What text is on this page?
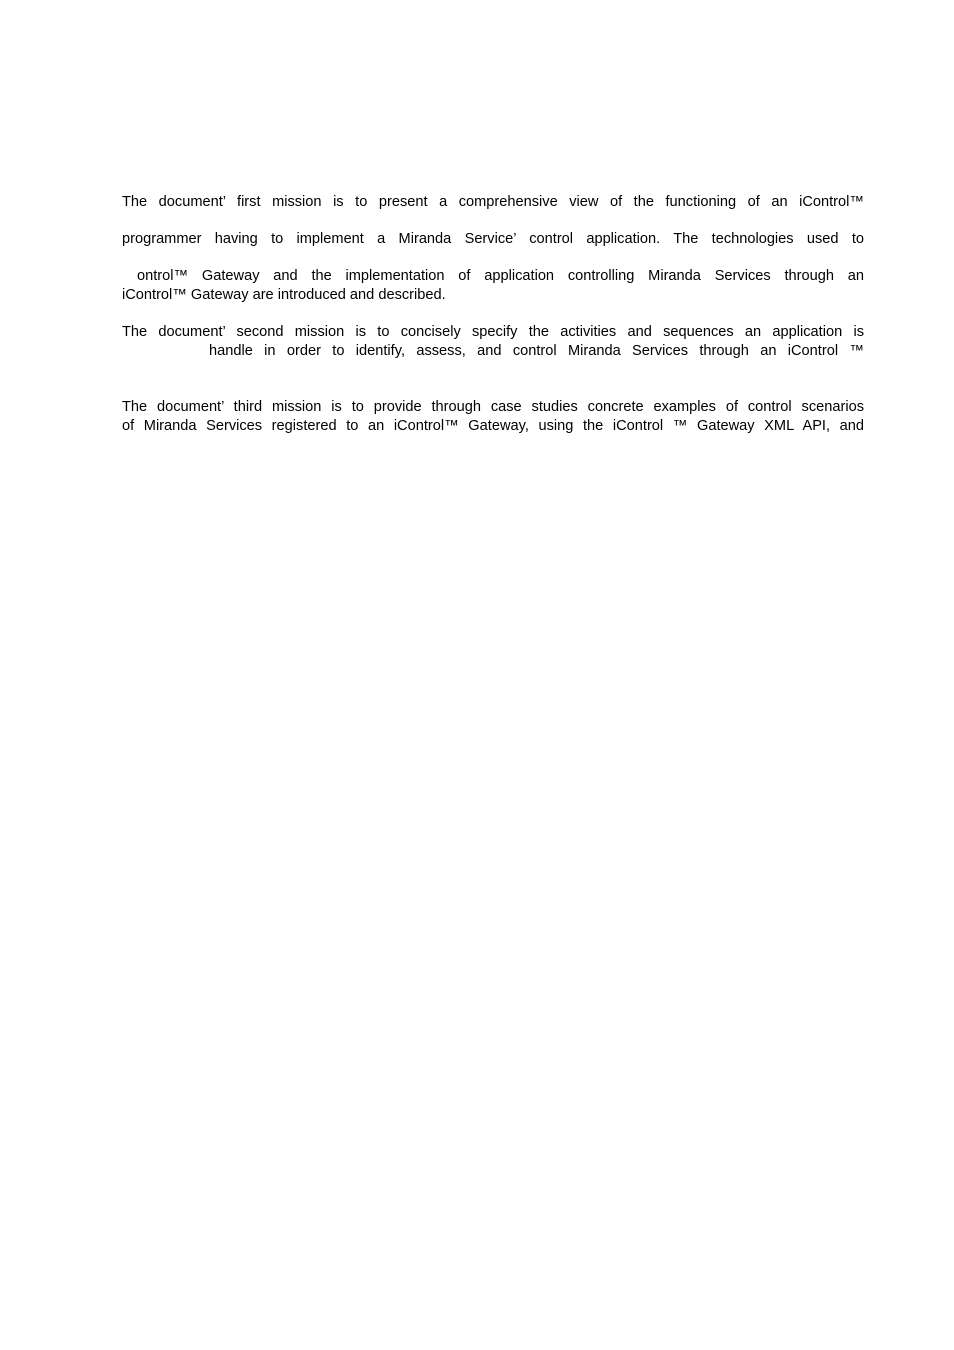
The document’ first mission is to present a comprehensive view of the functioning of an iControl™
programmer having to implement a Miranda Service’ control application. The technologies used to
ontrol™ Gateway and the implementation of application controlling Miranda Services through an
iControl™ Gateway are introduced and described.
The document’ second mission is to concisely specify the activities and sequences an application is
handle in order to identify, assess, and control Miranda Services through an iControl ™
The document’ third mission is to provide through case studies concrete examples of control scenarios
of Miranda Services registered to an iControl™ Gateway, using the iControl ™ Gateway XML API, and
